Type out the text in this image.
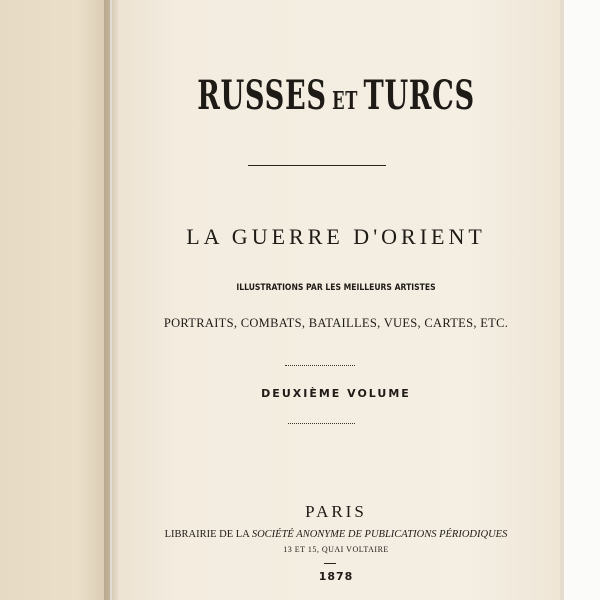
RUSSES ET TURCS
LA GUERRE D'ORIENT
ILLUSTRATIONS PAR LES MEILLEURS ARTISTES
PORTRAITS, COMBATS, BATAILLES, VUES, CARTES, ETC.
DEUXIÈME VOLUME
PARIS
LIBRAIRIE DE LA SOCIÉTÉ ANONYME DE PUBLICATIONS PÉRIODIQUES
13 ET 15, QUAI VOLTAIRE
1878
